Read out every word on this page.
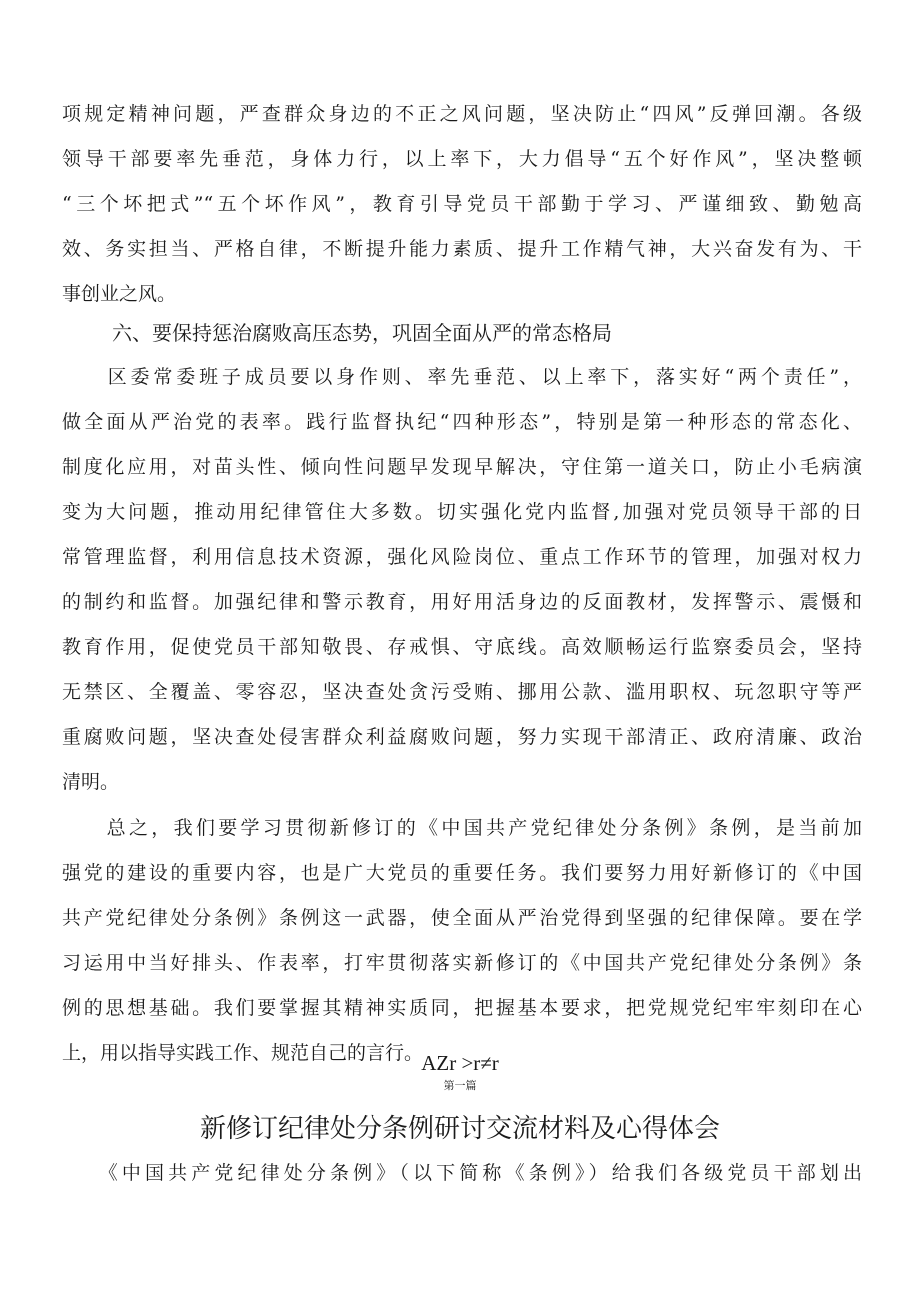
项规定精神问题，严查群众身边的不正之风问题，坚决防止“四风”反弹回潮。各级
领导干部要率先垂范，身体力行，以上率下，大力倡导“五个好作风”，坚决整顿
“三个坏把式”“五个坏作风”，教育引导党员干部勤于学习、严谨细致、勤勉高
效、务实担当、严格自律，不断提升能力素质、提升工作精气神，大兴奋发有为、干
事创业之风。
六、要保持惩治腐败高压态势，巩固全面从严的常态格局
　　区委常委班子成员要以身作则、率先垂范、以上率下，落实好“两个责任”，
做全面从严治党的表率。践行监督执纪“四种形态”，特别是第一种形态的常态化、
制度化应用，对苗头性、倾向性问题早发现早解决，守住第一道关口，防止小毛病演
变为大问题，推动用纪律管住大多数。切实强化党内监督,加强对党员领导干部的日
常管理监督，利用信息技术资源，强化风险岗位、重点工作环节的管理，加强对权力
的制约和监督。加强纪律和警示教育，用好用活身边的反面教材，发挥警示、震慑和
教育作用，促使党员干部知敬畏、存戒惧、守底线。高效顺畅运行监察委员会，坚持
无禁区、全覆盖、零容忍，坚决查处贪污受贿、挪用公款、滥用职权、玩忽职守等严
重腐败问题，坚决查处侵害群众利益腐败问题，努力实现干部清正、政府清廉、政治
清明。
　　总之，我们要学习贯彻新修订的《中国共产党纪律处分条例》条例，是当前加
强党的建设的重要内容，也是广大党员的重要任务。我们要努力用好新修订的《中国
共产党纪律处分条例》条例这一武器，使全面从严治党得到坚强的纪律保障。要在学
习运用中当好排头、作表率，打牢贯彻落实新修订的《中国共产党纪律处分条例》条
例的思想基础。我们要掌握其精神实质同，把握基本要求，把党规党纪牢牢刻印在心
上，用以指导实践工作、规范自己的言行。
AZr >r≠r
第一篇
新修订纪律处分条例研讨交流材料及心得体会
　　《中国共产党纪律处分条例》（以下简称《条例》）给我们各级党员干部划出
